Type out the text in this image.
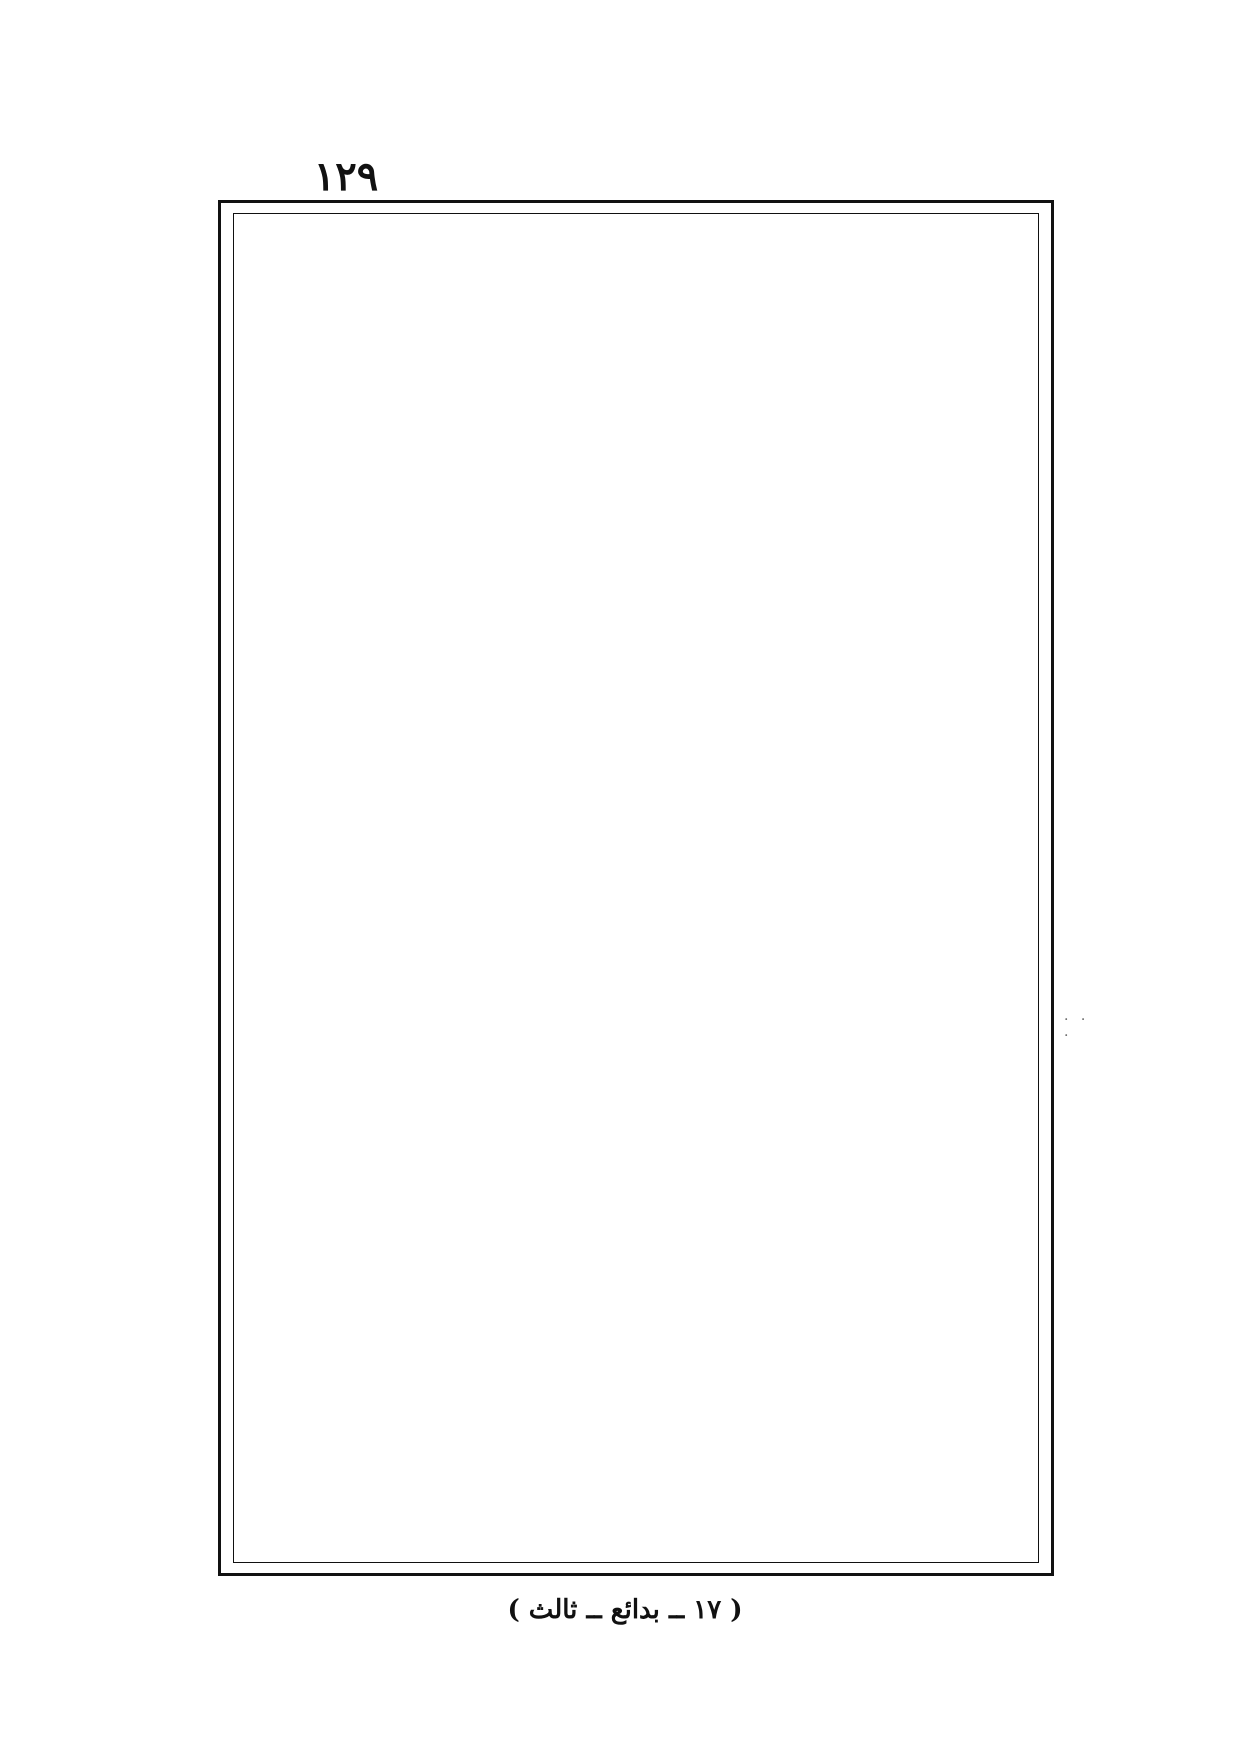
١٢٩
· · ·
( ١٧ ــ بدائع ــ ثالث )
